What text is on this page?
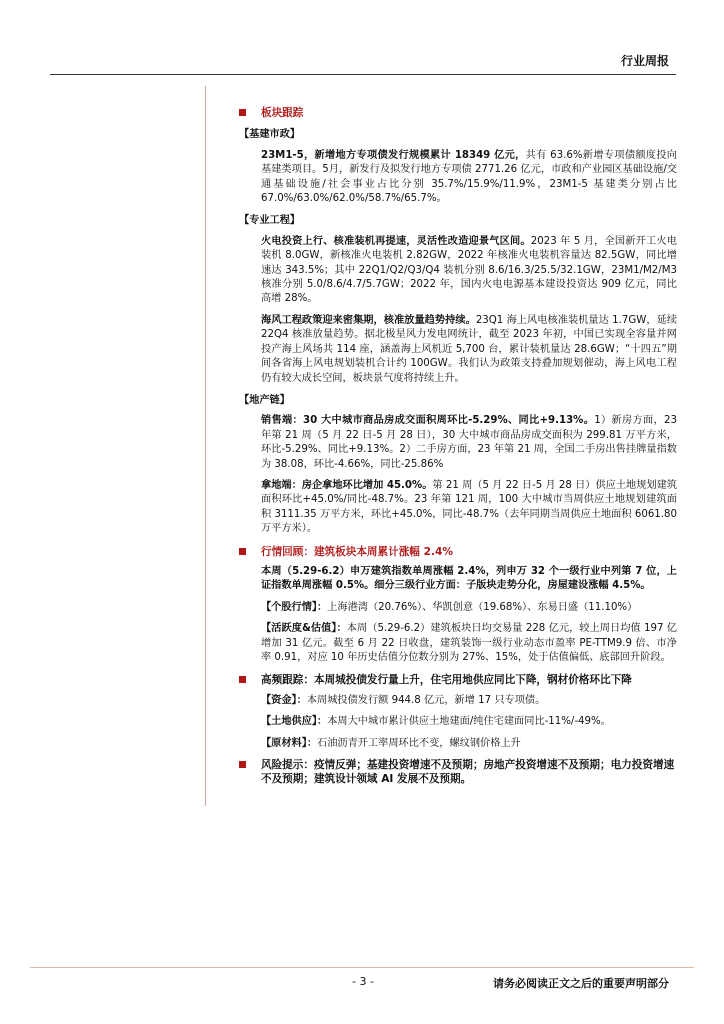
行业周报
板块跟踪
【基建市政】

23M1-5，新增地方专项债发行规模累计 18349 亿元，共有 63.6%新增专项债额度投向基建类项目。5月，新发行及拟发行地方专项债 2771.26 亿元，市政和产业园区基础设施/交通基础设施/社会事业占比分别 35.7%/15.9%/11.9%，23M1-5 基建类分别占比 67.0%/63.0%/62.0%/58.7%/65.7%。

【专业工程】

火电投资上行、核准装机再提速，灵活性改造迎景气区间。2023 年 5 月，全国新开工火电装机 8.0GW，新核准火电装机 2.82GW，2022 年核准火电装机容量达 82.5GW，同比增速达 343.5%；其中 22Q1/Q2/Q3/Q4 装机分别 8.6/16.3/25.5/32.1GW，23M1/M2/M3 核准分别 5.0/8.6/4.7/5.7GW；2022 年，国内火电电源基本建设投资达 909 亿元，同比高增 28%。

海风工程政策迎来密集期，核准放量趋势持续。23Q1 海上风电核准装机量达 1.7GW，延续 22Q4 核准放量趋势。据北极星风力发电网统计，截至 2023 年初，中国已实现全容量并网投产海上风场共 114 座，涵盖海上风机近 5,700 台，累计装机量达 28.6GW；“十四五”期间各省海上风电规划装机合计约 100GW。我们认为政策支持叠加规划催动，海上风电工程仍有较大成长空间，板块景气度将持续上升。

【地产链】

销售端：30 大中城市商品房成交面积周环比-5.29%、同比+9.13%。1）新房方面，23 年第 21 周（5 月 22 日-5 月 28 日），30 大中城市商品房成交面积为 299.81 万平方米，环比-5.29%、同比+9.13%。2）二手房方面，23 年第 21 周，全国二手房出售挂牌量指数为 38.08，环比-4.66%，同比-25.86%

拿地端：房企拿地环比增加 45.0%。第 21 周（5 月 22 日-5 月 28 日）供应土地规划建筑面积环比+45.0%/同比-48.7%。23 年第 121 周，100 大中城市当周供应土地规划建筑面积 3111.35 万平方米，环比+45.0%，同比-48.7%（去年同期当周供应土地面积 6061.80 万平方米）。

行情回顾：建筑板块本周累计涨幅 2.4%

本周（5.29-6.2）申万建筑指数单周涨幅 2.4%，列申万 32 个一级行业中列第 7 位，上证指数单周涨幅 0.5%。细分三级行业方面：子版块走势分化，房屋建设涨幅 4.5%。

【个股行情】：上海港湾（20.76%）、华凯创意（19.68%）、东易日盛（11.10%）

【活跃度&估值】：本周（5.29-6.2）建筑板块日均交易量 228 亿元，较上周日均值 197 亿增加 31 亿元。截至 6 月 22 日收盘，建筑装饰一级行业动态市盈率 PE-TTM9.9 倍、市净率 0.91，对应 10 年历史估值分位数分别为 27%、15%，处于估值偏低、底部回升阶段。

高频跟踪：本周城投债发行量上升，住宅用地供应同比下降，钢材价格环比下降

【资金】：本周城投债发行额 944.8 亿元，新增 17 只专项债。

【土地供应】：本周大中城市累计供应土地建面/纯住宅建面同比-11%/-49%。

【原材料】：石油沥青开工率周环比不变，螺纹钢价格上升

风险提示：疫情反弹；基建投资增速不及预期；房地产投资增速不及预期；电力投资增速不及预期；建筑设计领域 AI 发展不及预期。
- 3 -	请务必阅读正文之后的重要声明部分
